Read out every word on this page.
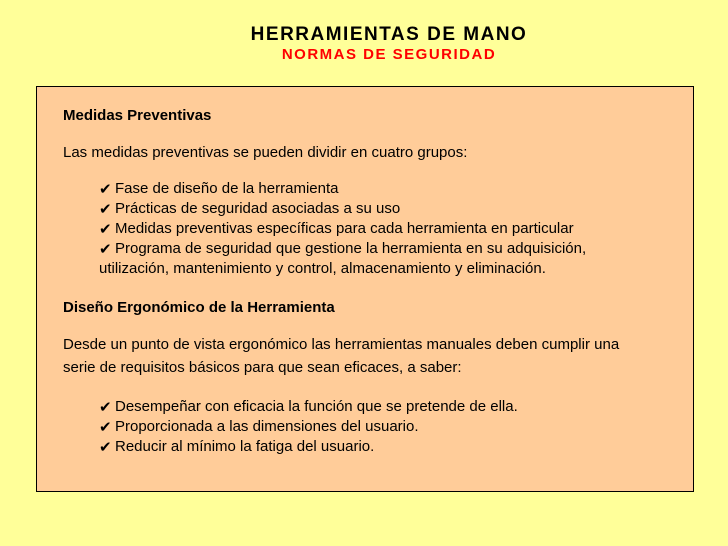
HERRAMIENTAS DE MANO
NORMAS DE SEGURIDAD
Medidas Preventivas
Las medidas preventivas se pueden dividir en cuatro grupos:
✔ Fase de diseño de la herramienta
✔ Prácticas de seguridad asociadas a su uso
✔ Medidas preventivas específicas para cada herramienta en particular
✔ Programa de seguridad que gestione la herramienta en su adquisición,
utilización, mantenimiento y control, almacenamiento y eliminación.
Diseño Ergonómico de la Herramienta
Desde un punto de vista ergonómico las herramientas manuales deben cumplir una
serie de requisitos básicos para que sean eficaces, a saber:
✔ Desempeñar con eficacia la función que se pretende de ella.
✔ Proporcionada a las dimensiones del usuario.
✔ Reducir al mínimo la fatiga del usuario.
